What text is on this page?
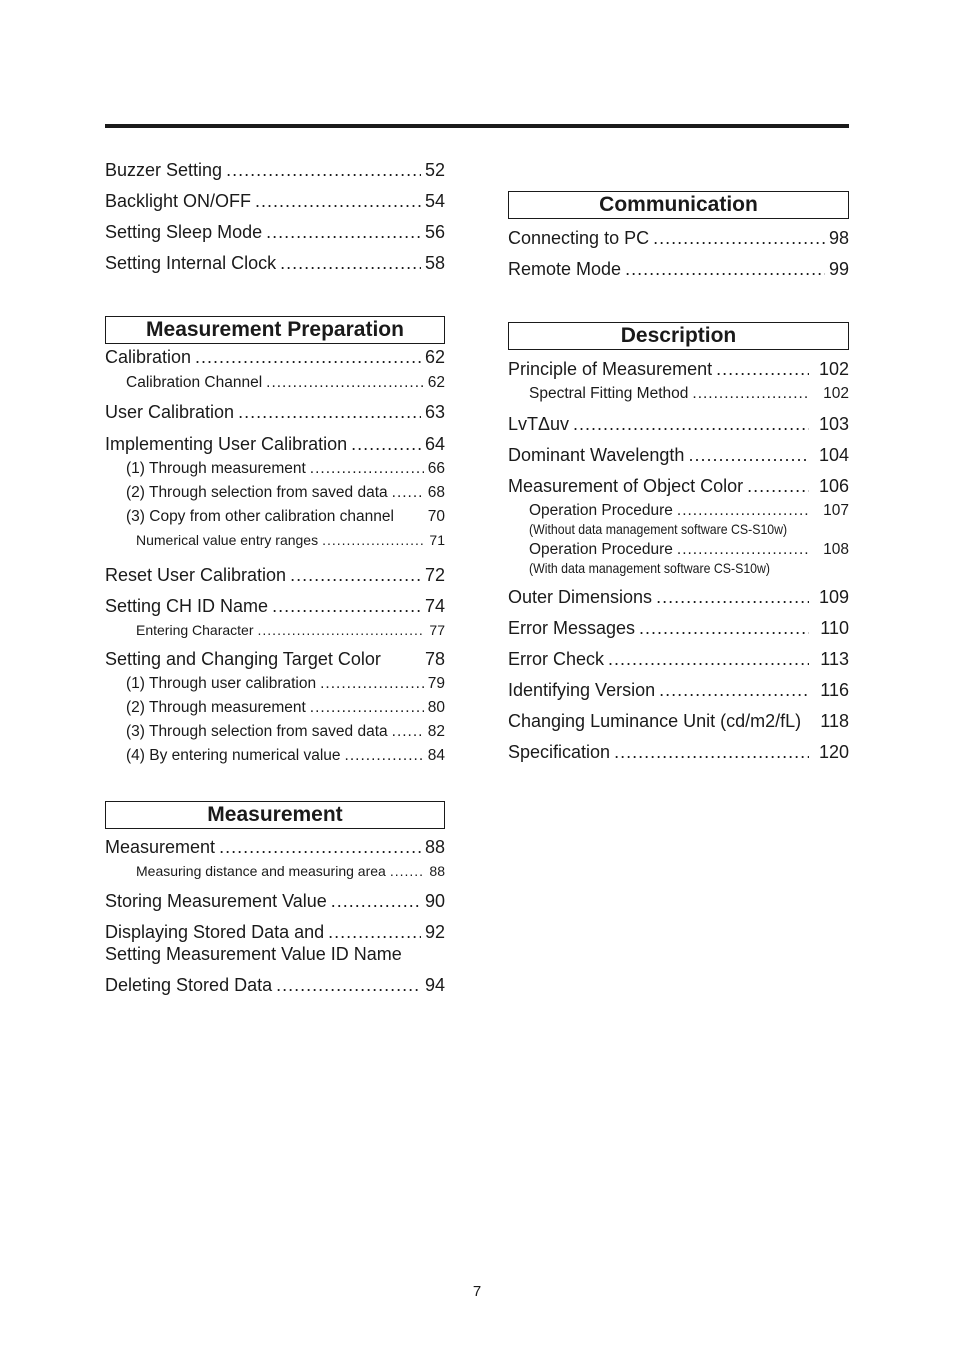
Buzzer Setting .....	52
Backlight ON/OFF .....	54
Setting Sleep Mode .....	56
Setting Internal Clock .....	58
Measurement Preparation
Calibration .....	62
Calibration Channel .....	62
User Calibration .....	63
Implementing User Calibration .....	64
(1) Through measurement .....	66
(2) Through selection from saved data .....	68
(3) Copy from other calibration channel 70
Numerical value entry ranges .....	71
Reset User Calibration .....	72
Setting CH ID Name .....	74
Entering Character .....	77
Setting and Changing Target Color 78
(1) Through user calibration .....	79
(2) Through measurement .....	80
(3) Through selection from saved data .....	82
(4) By entering numerical value .....	84
Measurement
Measurement .....	88
Measuring distance and measuring area .....	88
Storing Measurement Value .....	90
Displaying Stored Data and .....	92
Setting Measurement Value ID Name
Deleting Stored Data .....	94
Communication
Connecting to PC .....	98
Remote Mode .....	99
Description
Principle of Measurement .....	102
Spectral Fitting Method .....	102
LvTΔuv .....	103
Dominant Wavelength .....	104
Measurement of Object Color .....	106
Operation Procedure .....	107
(Without data management software CS-S10w)
Operation Procedure .....	108
(With data management software CS-S10w)
Outer Dimensions .....	109
Error Messages .....	110
Error Check .....	113
Identifying Version .....	116
Changing Luminance Unit (cd/m2/fL)	118
Specification .....	120
7
